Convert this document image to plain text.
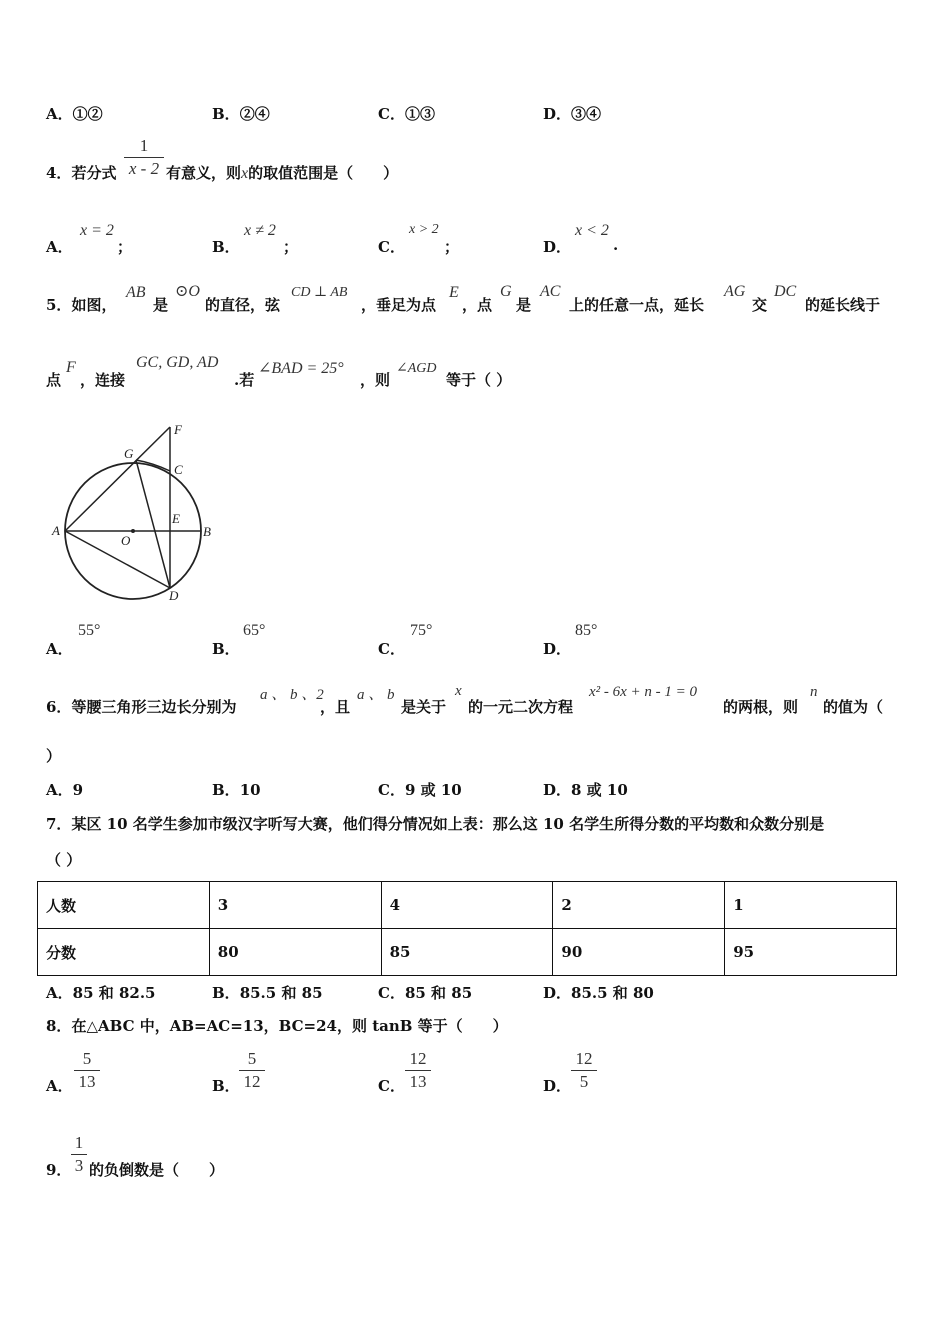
A．①②	B．②④	C．①③	D．③④
4．若分式
1
x - 2 有意义，则x的取值范围是（　　）
A．
x = 2
；	B．
x ≠ 2
；	C．
x > 2
；	D．
x < 2
.
5．如图，
AB
是
⊙O
的直径，弦
CD ⊥ AB
，垂足为点
E
，点
G
是
AC
上的任意一点，延长
AG
交
DC
的延长线于
点
F
，连接
GC, GD, AD
.若
∠BAD = 25°
，则
∠AGD
等于（ ）
A	B
C
D
E
F
G
O
A．
55°
B．
65°
C．
75°
D．
85°
6．等腰三角形三边长分别为
a 、 b 、2
，且
a 、 b
是关于
x
的一元二次方程
x² - 6x + n - 1 = 0
的两根，则
n
的值为（
）
A．9	B．10	C．9 或 10	D．8 或 10
7．某区 10 名学生参加市级汉字听写大赛，他们得分情况如上表：那么这 10 名学生所得分数的平均数和众数分别是
（ ）
人数	3	4	2	1
分数	80	85	90	95
A．85 和 82.5	B．85.5 和 85	C．85 和 85	D．85.5 和 80
8．在△ABC 中，AB=AC=13，BC=24，则 tanB 等于（　　）
A．
5
13	B．
5
12	C．
12
13	D．
12
5
9．
1
3 的负倒数是（　　）
